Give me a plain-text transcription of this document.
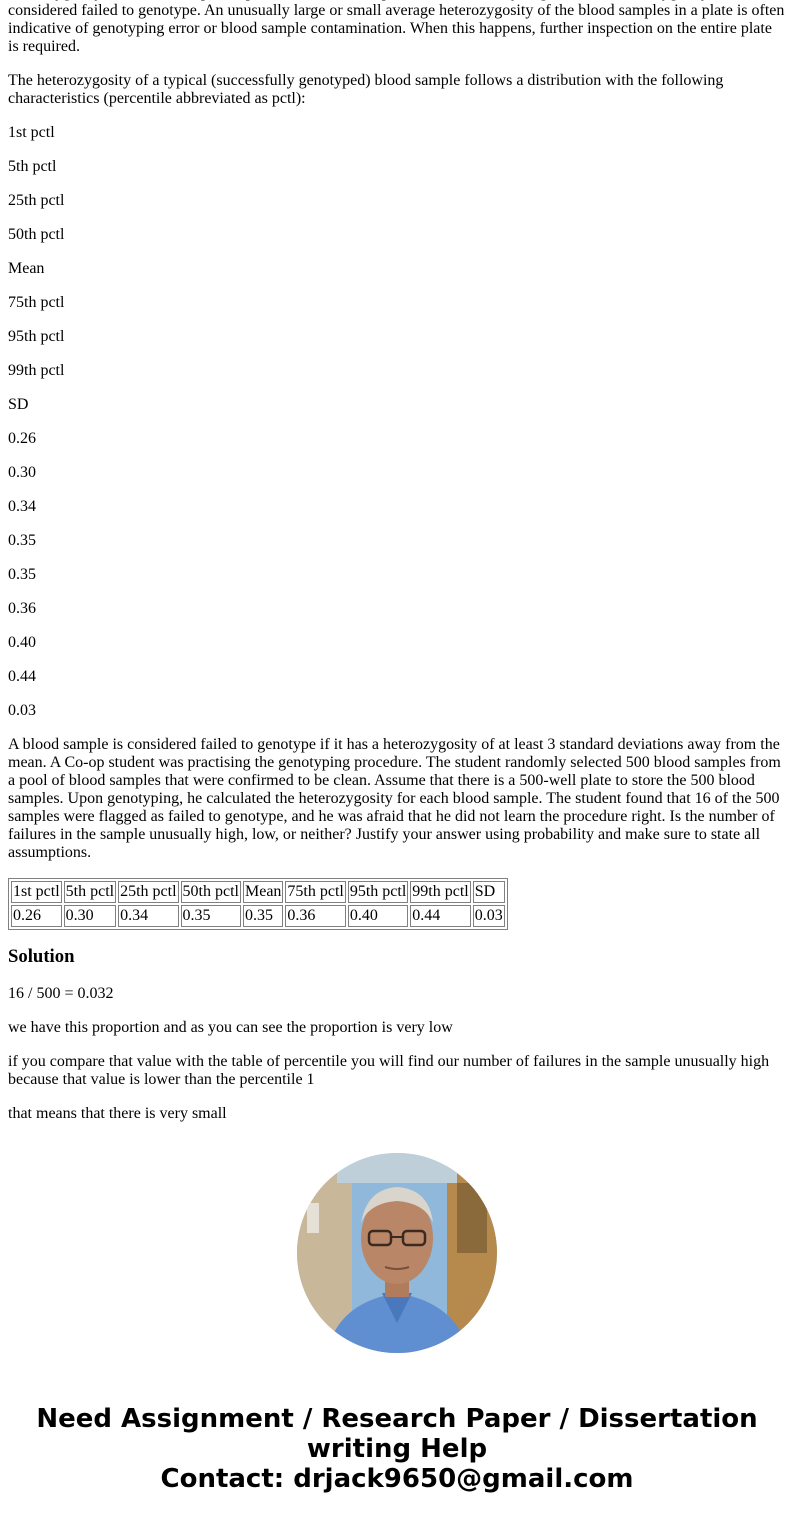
considered failed to genotype. An unusually large or small average heterozygosity of the blood samples in a plate is often indicative of genotyping error or blood sample contamination. When this happens, further inspection on the entire plate is required.

The heterozygosity of a typical (successfully genotyped) blood sample follows a distribution with the following characteristics (percentile abbreviated as pctl):

1st pctl
5th pctl
25th pctl
50th pctl
Mean
75th pctl
95th pctl
99th pctl
SD
0.26
0.30
0.34
0.35
0.35
0.36
0.40
0.44
0.03

A blood sample is considered failed to genotype if it has a heterozygosity of at least 3 standard deviations away from the mean. A Co-op student was practising the genotyping procedure. The student randomly selected 500 blood samples from a pool of blood samples that were confirmed to be clean. Assume that there is a 500-well plate to store the 500 blood samples. Upon genotyping, he calculated the heterozygosity for each blood sample. The student found that 16 of the 500 samples were flagged as failed to genotype, and he was afraid that he did not learn the procedure right. Is the number of failures in the sample unusually high, low, or neither? Justify your answer using probability and make sure to state all assumptions.

1st pctl	5th pctl	25th pctl	50th pctl	Mean	75th pctl	95th pctl	99th pctl	SD
0.26	0.30	0.34	0.35	0.35	0.36	0.40	0.44	0.03
Solution

16 / 500 = 0.032

we have this proportion and as you can see the proportion is very low

if you compare that value with the table of percentile you will find our number of failures in the sample unusually high because that value is lower than the percentile 1

that means that there is very small

Need Assignment / Research Paper / Dissertation
writing Help
Contact: drjack9650@gmail.com
